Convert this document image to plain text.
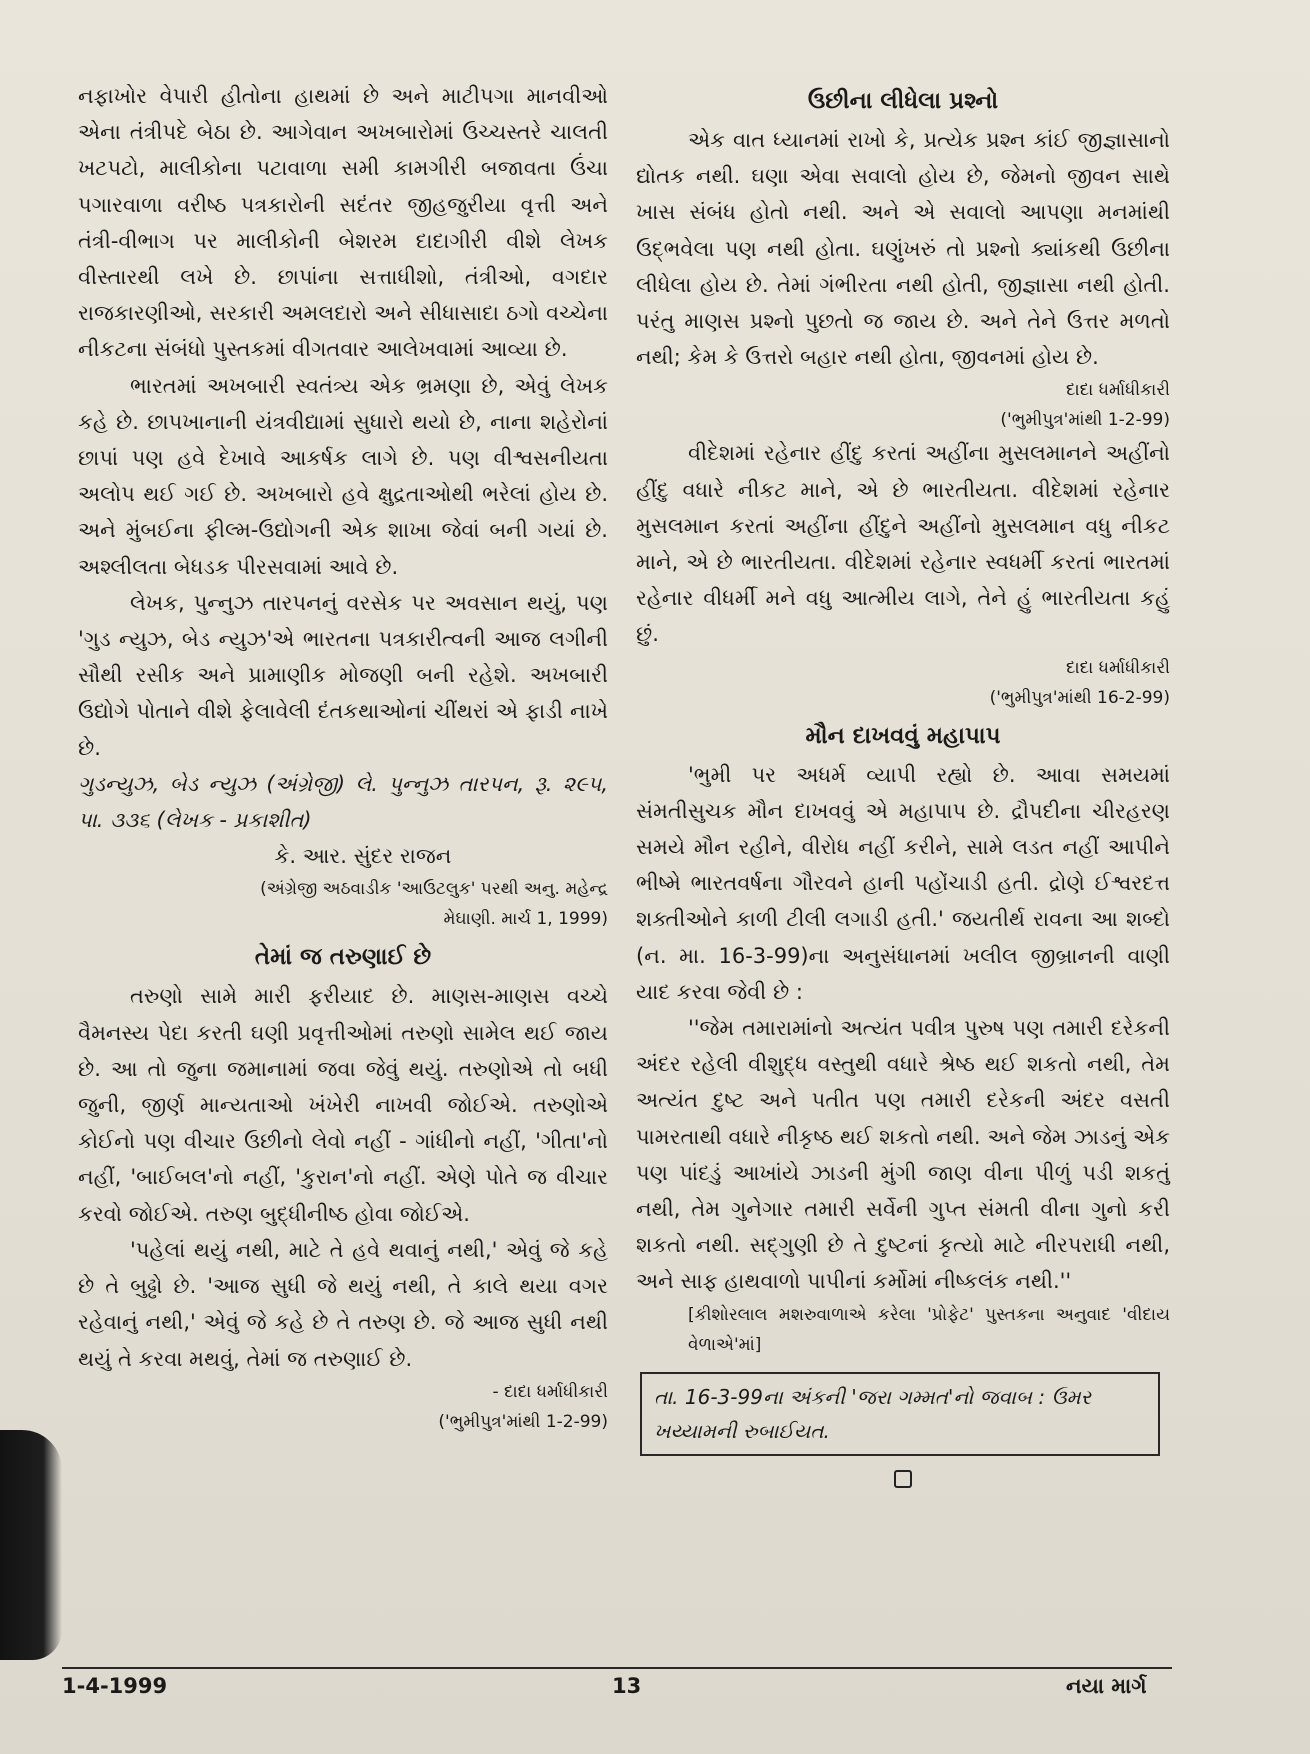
નફાખોર વેપારી હીતોના હાથમાં છે અને માટીપગા માનવીઓ એના તંત્રીપદે બેઠા છે. આગેવાન અખબારોમાં ઉચ્ચસ્તરે ચાલતી ખટપટો, માલીકોના પટાવાળા સમી કામગીરી બજાવતા ઉંચા પગારવાળા વરીષ્ઠ પત્રકારોની સદંતર જીહજુરીયા વૃત્તી અને તંત્રી-વીભાગ પર માલીકોની બેશરમ દાદાગીરી વીશે લેખક વીસ્તારથી લખે છે. છાપાંના સત્તાધીશો, તંત્રીઓ, વગદાર રાજકારણીઓ, સરકારી અમલદારો અને સીધાસાદા ઠગો વચ્ચેના નીકટના સંબંધો પુસ્તકમાં વીગતવાર આલેખવામાં આવ્યા છે.

ભારતમાં અખબારી સ્વતંત્ર્ય એક ભ્રમણા છે, એવું લેખક કહે છે. છાપખાનાની યંત્રવીદ્યામાં સુધારો થયો છે, નાના શહેરોનાં છાપાં પણ હવે દેખાવે આકર્ષક લાગે છે. પણ વીશ્વસનીયતા અલોપ થઈ ગઈ છે. અખબારો હવે ક્ષુદ્રતાઓથી ભરેલાં હોય છે. અને મુંબઈના ફીલ્મ-ઉદ્યોગની એક શાખા જેવાં બની ગયાં છે. અશ્લીલતા બેધડક પીરસવામાં આવે છે.

લેખક, પુન્નુઝ તારપનનું વરસેક પર અવસાન થયું, પણ 'ગુડ ન્યુઝ, બેડ ન્યુઝ'એ ભારતના પત્રકારીત્વની આજ લગીની સૌથી રસીક અને પ્રામાણીક મોજણી બની રહેશે. અખબારી ઉદ્યોગે પોતાને વીશે ફેલાવેલી દંતકથાઓનાં ચીંથરાં એ ફાડી નાખે છે.

ગુડન્યુઝ, બેડ ન્યુઝ (અંગ્રેજી) લે. પુન્નુઝ તારપન, રૂ. ૨૯૫, પા. ૩૩૬ (લેખક - પ્રકાશીત)

કે. આર. સુંદર રાજન

(અંગ્રેજી અઠવાડીક 'આઉટલુક' પરથી અનુ. મહેન્દ્ર

મેઘાણી. માર્ચ 1, 1999)

તેમાં જ તરુણાઈ છે

તરુણો સામે મારી ફરીયાદ છે. માણસ-માણસ વચ્ચે વૈમનસ્ય પેદા કરતી ઘણી પ્રવૃત્તીઓમાં તરુણો સામેલ થઈ જાય છે. આ તો જુના જમાનામાં જવા જેવું થયું. તરુણોએ તો બધી જુની, જીર્ણ માન્યતાઓ ખંખેરી નાખવી જોઈએ. તરુણોએ કોઈનો પણ વીચાર ઉછીનો લેવો નહીં - ગાંધીનો નહીં, 'ગીતા'નો નહીં, 'બાઈબલ'નો નહીં, 'કુરાન'નો નહીં. એણે પોતે જ વીચાર કરવો જોઈએ. તરુણ બુદ્ધીનીષ્ઠ હોવા જોઈએ.

'પહેલાં થયું નથી, માટે તે હવે થવાનું નથી,' એવું જે કહે છે તે બુઢ્ઢો છે. 'આજ સુધી જે થયું નથી, તે કાલે થયા વગર રહેવાનું નથી,' એવું જે કહે છે તે તરુણ છે. જે આજ સુધી નથી થયું તે કરવા મથવું, તેમાં જ તરુણાઈ છે.

- દાદા ધર્માધીકારી

('ભુમીપુત્ર'માંથી 1-2-99)

ઉછીના લીધેલા પ્રશ્નો

એક વાત ધ્યાનમાં રાખો કે, પ્રત્યેક પ્રશ્ન કાંઈ જીજ્ઞાસાનો દ્યોતક નથી. ઘણા એવા સવાલો હોય છે, જેમનો જીવન સાથે ખાસ સંબંધ હોતો નથી. અને એ સવાલો આપણા મનમાંથી ઉદ્ભવેલા પણ નથી હોતા. ઘણુંખરું તો પ્રશ્નો ક્યાંકથી ઉછીના લીધેલા હોય છે. તેમાં ગંભીરતા નથી હોતી, જીજ્ઞાસા નથી હોતી. પરંતુ માણસ પ્રશ્નો પુછતો જ જાય છે. અને તેને ઉત્તર મળતો નથી; કેમ કે ઉત્તરો બહાર નથી હોતા, જીવનમાં હોય છે.

દાદા ધર્માધીકારી

('ભુમીપુત્ર'માંથી 1-2-99)

વીદેશમાં રહેનાર હીંદુ કરતાં અહીંના મુસલમાનને અહીંનો હીંદુ વધારે નીકટ માને, એ છે ભારતીયતા. વીદેશમાં રહેનાર મુસલમાન કરતાં અહીંના હીંદુને અહીંનો મુસલમાન વધુ નીકટ માને, એ છે ભારતીયતા. વીદેશમાં રહેનાર સ્વધર્મી કરતાં ભારતમાં રહેનાર વીધર્મી મને વધુ આત્મીય લાગે, તેને હું ભારતીયતા કહું છું.

દાદા ધર્માધીકારી

('ભુમીપુત્ર'માંથી 16-2-99)

મૌન દાખવવું મહાપાપ

'ભુમી પર અધર્મ વ્યાપી રહ્યો છે. આવા સમયમાં સંમતીસુચક મૌન દાખવવું એ મહાપાપ છે. દ્રૌપદીના ચીરહરણ સમયે મૌન રહીને, વીરોધ નહીં કરીને, સામે લડત નહીં આપીને ભીષ્મે ભારતવર્ષના ગૌરવને હાની પહોંચાડી હતી. દ્રોણે ઈશ્વરદત્ત શક્તીઓને કાળી ટીલી લગાડી હતી.' જયતીર્થ રાવના આ શબ્દો (ન. મા. 16-3-99)ના અનુસંધાનમાં ખલીલ જીબ્રાનની વાણી યાદ કરવા જેવી છે :

''જેમ તમારામાંનો અત્યંત પવીત્ર પુરુષ પણ તમારી દરેકની અંદર રહેલી વીશુદ્ધ વસ્તુથી વધારે શ્રેષ્ઠ થઈ શકતો નથી, તેમ અત્યંત દુષ્ટ અને પતીત પણ તમારી દરેકની અંદર વસતી પામરતાથી વધારે નીકૃષ્ઠ થઈ શકતો નથી. અને જેમ ઝાડનું એક પણ પાંદડું આખાંયે ઝાડની મુંગી જાણ વીના પીળું પડી શકતું નથી, તેમ ગુનેગાર તમારી સર્વેની ગુપ્ત સંમતી વીના ગુનો કરી શકતો નથી. સદ્ગુણી છે તે દુષ્ટનાં કૃત્યો માટે નીરપરાધી નથી, અને સાફ હાથવાળો પાપીનાં કર્મોમાં નીષ્કલંક નથી.''

[કીશોરલાલ મશરુવાળાએ કરેલા 'પ્રોફેટ' પુસ્તકના અનુવાદ 'વીદાય વેળાએ'માં]

તા. 16-3-99ના અંકની 'જરા ગમ્મત'નો જવાબ : ઉમર ખય્યામની રુબાઈયત.
1-4-1999	13	નયા માર્ગ
